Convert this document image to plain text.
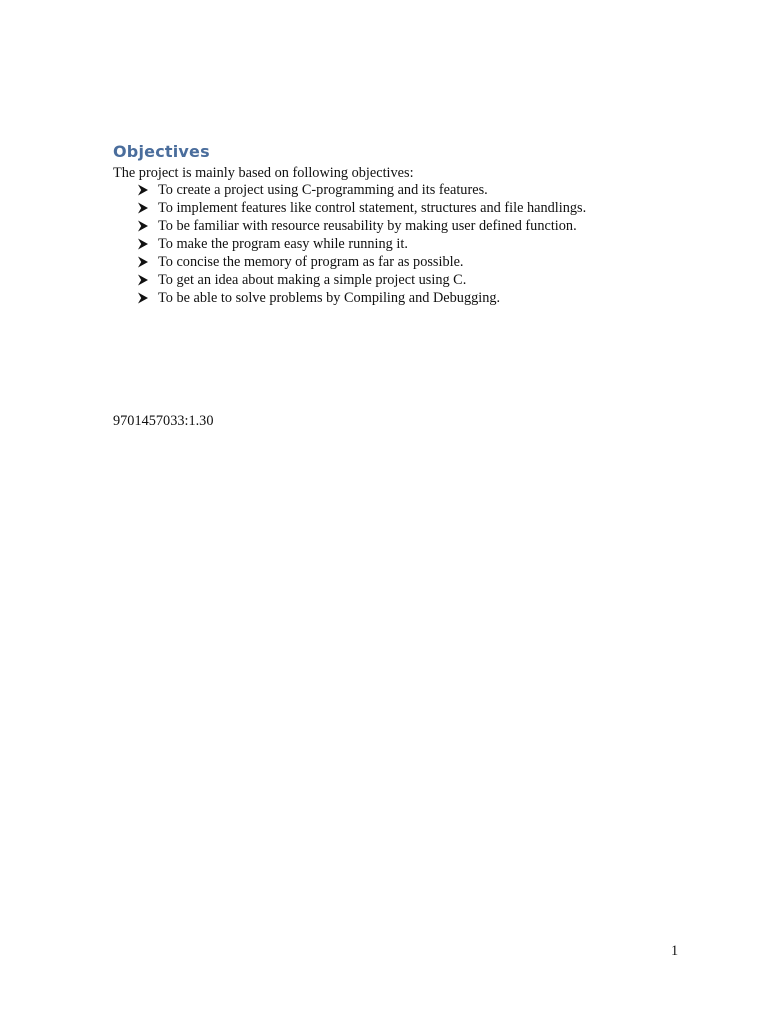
Objectives

The project is mainly based on following objectives:

To create a project using C-programming and its features.
To implement features like control statement, structures and file handlings.
To be familiar with resource reusability by making user defined function.
To make the program easy while running it.
To concise the memory of program as far as possible.
To get an idea about making a simple project using C.
To be able to solve problems by Compiling and Debugging.

9701457033:1.30

1
